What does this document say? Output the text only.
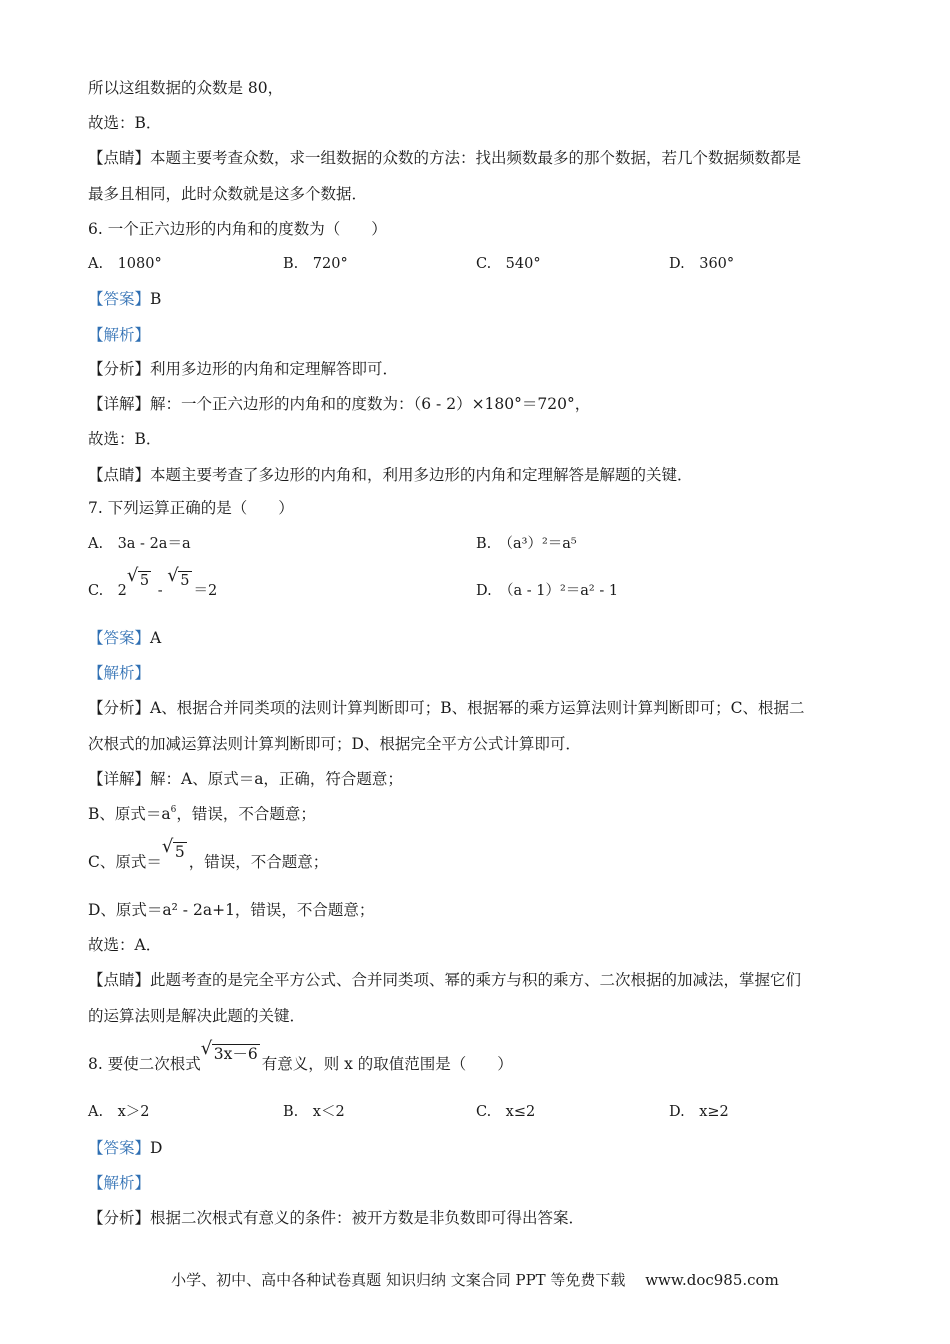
所以这组数据的众数是 80，
故选：B．
【点睛】本题主要考查众数，求一组数据的众数的方法：找出频数最多的那个数据，若几个数据频数都是
最多且相同，此时众数就是这多个数据．
6. 一个正六边形的内角和的度数为（　　）
A.　1080°	B.　720°	C.　540°	D.　360°
【答案】B
【解析】
【分析】利用多边形的内角和定理解答即可．
【详解】解：一个正六边形的内角和的度数为：（6 - 2）×180°＝720°，
故选：B．
【点睛】本题主要考查了多边形的内角和，利用多边形的内角和定理解答是解题的关键．
7. 下列运算正确的是（　　）
A.　3a - 2a＝a	B.　（a³）²＝a⁵
C.　2√ 5 - √ 5＝2	D.　（a - 1）²＝a² - 1
【答案】A
【解析】
【分析】A、根据合并同类项的法则计算判断即可；B、根据幂的乘方运算法则计算判断即可；C、根据二
次根式的加减运算法则计算判断即可；D、根据完全平方公式计算即可．
【详解】解：A、原式＝a，正确，符合题意；
B、原式$=a^6$，错误，不合题意；
C、原式＝√ 5，错误，不合题意；
D、原式＝a² - 2a+1，错误，不合题意；
故选：A．
【点睛】此题考查的是完全平方公式、合并同类项、幂的乘方与积的乘方、二次根据的加减法，掌握它们
的运算法则是解决此题的关键．
8. 要使二次根式√ 3x－6有意义，则 x 的取值范围是（　　）
A.　x＞2	B.　x＜2	C.　x≤2	D.　x≥2
【答案】D
【解析】
【分析】根据二次根式有意义的条件：被开方数是非负数即可得出答案．
小学、初中、高中各种试卷真题 知识归纳 文案合同 PPT 等免费下载　 www.doc985.com
